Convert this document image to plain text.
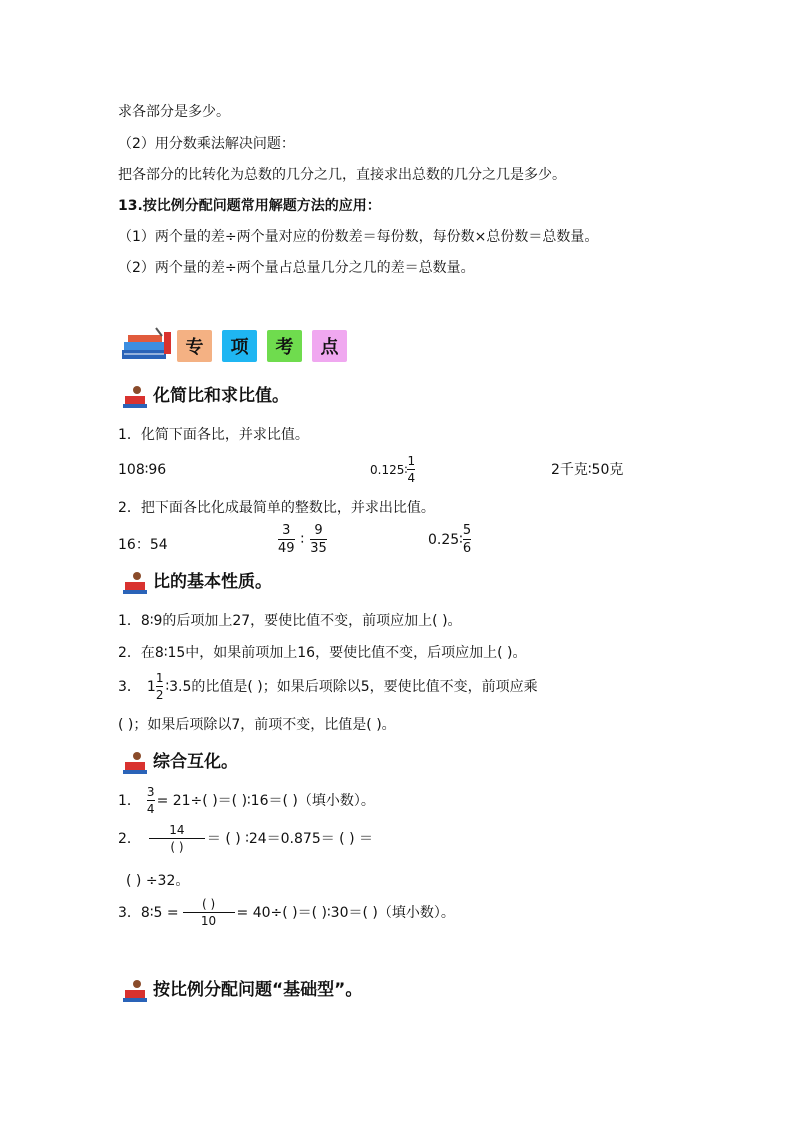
求各部分是多少。
（2）用分数乘法解决问题：
把各部分的比转化为总数的几分之几，直接求出总数的几分之几是多少。
13.按比例分配问题常用解题方法的应用：
（1）两个量的差÷两个量对应的份数差＝每份数，每份数×总份数＝总数量。
（2）两个量的差÷两个量占总量几分之几的差＝总数量。
专 项 考 点
化简比和求比值。
1．化简下面各比，并求比值。
108∶96	0.125∶ $\frac{1}{4}$	2千克∶50克
2．把下面各比化成最简单的整数比，并求出比值。
16：54	$\frac{3}{49}$ ∶ $\frac{9}{35}$	0.25∶ $\frac{5}{6}$
比的基本性质。
1．8∶9的后项加上27，要使比值不变，前项应加上( )。
2．在8∶15中，如果前项加上16，要使比值不变，后项应加上( )。
3． $1 \frac{1}{2}$ ∶3.5的比值是( )；如果后项除以5，要使比值不变，前项应乘
( )；如果后项除以7，前项不变，比值是( )。
综合互化。
1． $\frac{3}{4} = 21\div$( )＝( )∶16＝( )（填小数）。
2． $\frac{14}{( )}$ ＝ ( ) ∶24＝0.875＝ ( ) ＝
( ) ÷32。
3．8∶5 = $\frac{( )}{10} = 40\div$( )＝( )∶30＝( )（填小数）。
按比例分配问题“基础型”。
